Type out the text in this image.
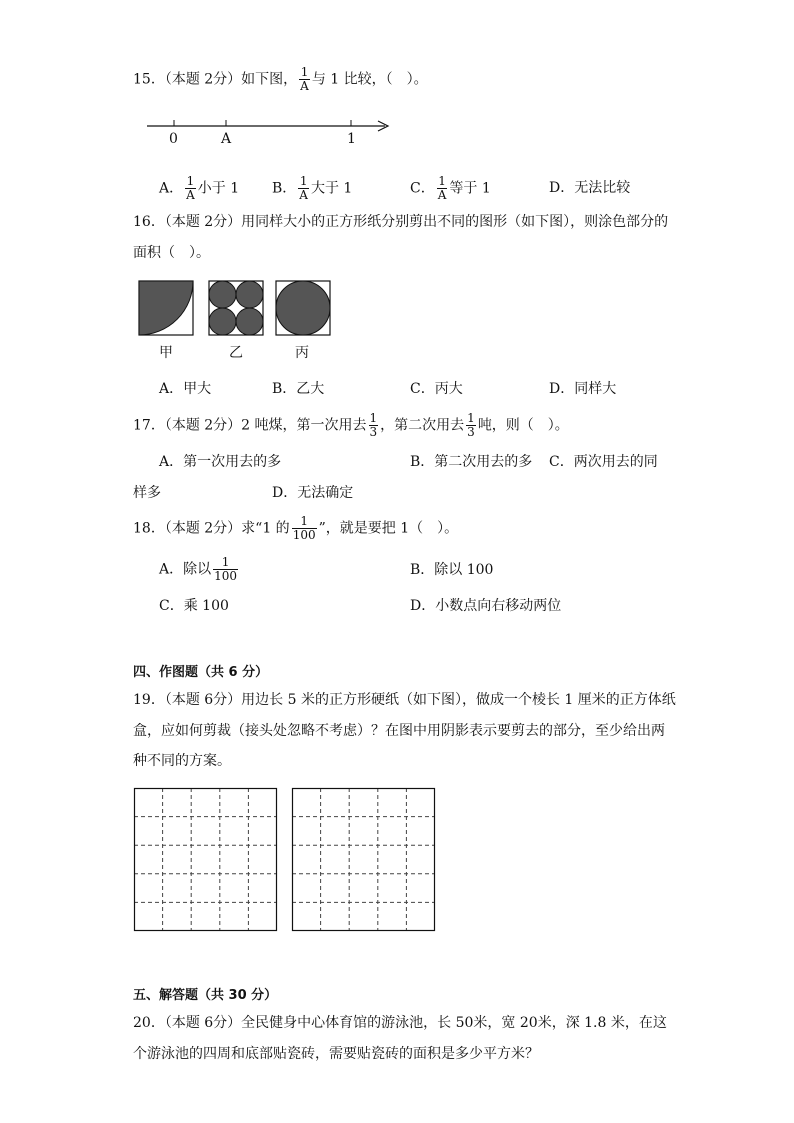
15．（本题 2分）如下图， $\frac{1}{A}$ 与 1 比较，（　）。
0	A	1
A． $\frac{1}{A}$ 小于 1 B． $\frac{1}{A}$ 大于 1	C． $\frac{1}{A}$ 等于 1	D．无法比较
16．（本题 2分）用同样大小的正方形纸分别剪出不同的图形（如下图），则涂色部分的
面积（　）。
甲	乙	丙
A．甲大	B．乙大	C．丙大	D．同样大
17．（本题 2分）2 吨煤，第一次用去 $\frac{1}{3}$ ，第二次用去 $\frac{1}{3}$ 吨，则（　）。
A．第一次用去的多	B．第二次用去的多 C．两次用去的同
样多	D．无法确定
18．（本题 2分）求“1 的 $\frac{1}{100}$ ”，就是要把 1（　）。
A．除以 $\frac{1}{100}$	B．除以 100
C．乘 100	D．小数点向右移动两位
四、作图题（共 6 分）
19．（本题 6分）用边长 5 米的正方形硬纸（如下图），做成一个棱长 1 厘米的正方体纸
盒，应如何剪裁（接头处忽略不考虑）？在图中用阴影表示要剪去的部分，至少给出两
种不同的方案。
五、解答题（共 30 分）
20．（本题 6分）全民健身中心体育馆的游泳池，长 50米，宽 20米，深 1.8 米，在这
个游泳池的四周和底部贴瓷砖，需要贴瓷砖的面积是多少平方米？
